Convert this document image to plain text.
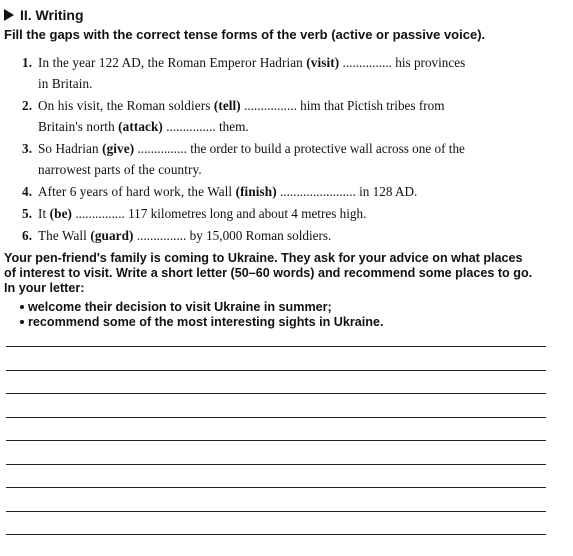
II. Writing
Fill the gaps with the correct tense forms of the verb (active or passive voice).
1. In the year 122 AD, the Roman Emperor Hadrian (visit) ............... his provinces
in Britain.
2. On his visit, the Roman soldiers (tell) ................ him that Pictish tribes from
Britain's north (attack) ............... them.
3. So Hadrian (give) ............... the order to build a protective wall across one of the
narrowest parts of the country.
4. After 6 years of hard work, the Wall (finish) ....................... in 128 AD.
5. It (be) ............... 117 kilometres long and about 4 metres high.
6. The Wall (guard) ............... by 15,000 Roman soldiers.
Your pen-friend's family is coming to Ukraine. They ask for your advice on what places
of interest to visit. Write a short letter (50–60 words) and recommend some places to go.
In your letter:
welcome their decision to visit Ukraine in summer;
recommend some of the most interesting sights in Ukraine.
